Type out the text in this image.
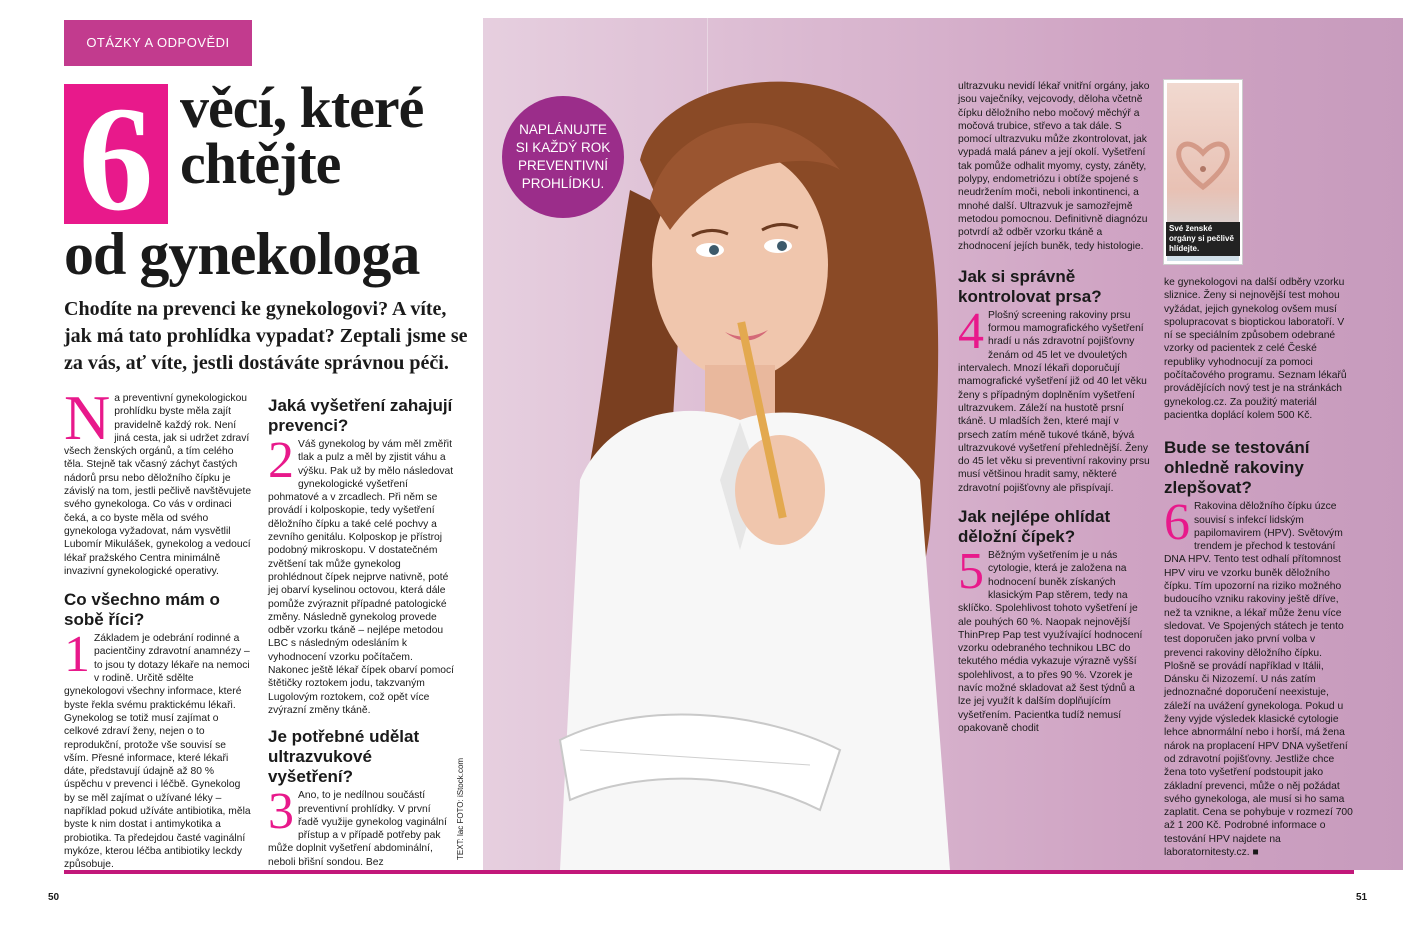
OTÁZKY A ODPOVĚDI
6 věcí, které chtějte
od gynekologa
Chodíte na prevenci ke gynekologovi? A víte, jak má tato prohlídka vypadat? Zeptali jsme se za vás, ať víte, jestli dostáváte správnou péči.

Na preventivní gynekologickou prohlídku byste měla zajít pravidelně každý rok. Není jiná cesta, jak si udržet zdraví všech ženských orgánů, a tím celého těla. Stejně tak včasný záchyt častých nádorů prsu nebo děložního čípku je závislý na tom, jestli pečlivě navštěvujete svého gynekologa. Co vás v ordinaci čeká, a co byste měla od svého gynekologa vyžadovat, nám vysvětlil Lubomír Mikulášek, gynekolog a vedoucí lékař pražského Centra minimálně invazivní gynekologické operativy.

Co všechno mám o sobě říci?

1 Základem je odebrání rodinné a pacientčiny zdravotní anamnézy – to jsou ty dotazy lékaře na nemoci v rodině. Určitě sdělte gynekologovi všechny informace, které byste řekla svému praktickému lékaři. Gynekolog se totiž musí zajímat o celkové zdraví ženy, nejen o to reprodukční, protože vše souvisí se vším. Přesné informace, které lékaři dáte, představují údajně až 80 % úspěchu v prevenci i léčbě. Gynekolog by se měl zajímat o užívané léky – například pokud užíváte antibiotika, měla byste k nim dostat i antimykotika a probiotika. Ta předejdou časté vaginální mykóze, kterou léčba antibiotiky leckdy způsobuje.

Jaká vyšetření zahajují prevenci?

2 Váš gynekolog by vám měl změřit tlak a pulz a měl by zjistit váhu a výšku. Pak už by mělo následovat gynekologické vyšetření pohmatové a v zrcadlech. Při něm se provádí i kolposkopie, tedy vyšetření děložního čípku a také celé pochvy a zevního genitálu. Kolposkop je přístroj podobný mikroskopu. V dostatečném zvětšení tak může gynekolog prohlédnout čípek nejprve nativně, poté jej obarví kyselinou octovou, která dále pomůže zvýraznit případné patologické změny. Následně gynekolog provede odběr vzorku tkáně – nejlépe metodou LBC s následným odesláním k vyhodnocení vzorku počítačem. Nakonec ještě lékař čípek obarví pomocí štětičky roztokem jodu, takzvaným Lugolovým roztokem, což opět více zvýrazní změny tkáně.

Je potřebné udělat ultrazvukové vyšetření?

3 Ano, to je nedílnou součástí preventivní prohlídky. V první řadě využije gynekolog vaginální přístup a v případě potřeby pak může doplnit vyšetření abdominální, neboli břišní sondou. Bez

TEXT: lac FOTO: iStock.com
NAPLÁNUJTE SI KAŽDÝ ROK PREVENTIVNÍ PROHLÍDKU.

ultrazvuku nevidí lékař vnitřní orgány, jako jsou vaječníky, vejcovody, děloha včetně čípku děložního nebo močový měchýř a močová trubice, střevo a tak dále. S pomocí ultrazvuku může zkontrolovat, jak vypadá malá pánev a její okolí. Vyšetření tak pomůže odhalit myomy, cysty, záněty, polypy, endometriózu i obtíže spojené s neudržením moči, neboli inkontinenci, a mnohé další. Ultrazvuk je samozřejmě metodou pomocnou. Definitivně diagnózu potvrdí až odběr vzorku tkáně a zhodnocení jejích buněk, tedy histologie.

Jak si správně kontrolovat prsa?

4 Plošný screening rakoviny prsu formou mamografického vyšetření hradí u nás zdravotní pojišťovny ženám od 45 let ve dvouletých intervalech. Mnozí lékaři doporučují mamografické vyšetření již od 40 let věku ženy s případným doplněním vyšetření ultrazvukem. Záleží na hustotě prsní tkáně. U mladších žen, které mají v prsech zatím méně tukové tkáně, bývá ultrazvukové vyšetření přehlednější. Ženy do 45 let věku si preventivní rakoviny prsu musí většinou hradit samy, některé zdravotní pojišťovny ale přispívají.

Jak nejlépe ohlídat děložní čípek?

5 Běžným vyšetřením je u nás cytologie, která je založena na hodnocení buněk získaných klasickým Pap stěrem, tedy na sklíčko. Spolehlivost tohoto vyšetření je ale pouhých 60 %. Naopak nejnovější ThinPrep Pap test využívající hodnocení vzorku odebraného technikou LBC do tekutého média vykazuje výrazně vyšší spolehlivost, a to přes 90 %. Vzorek je navíc možné skladovat až šest týdnů a lze jej využít k dalším doplňujícím vyšetřením. Pacientka tudíž nemusí opakovaně chodit

Své ženské orgány si pečlivě hlídejte.

ke gynekologovi na další odběry vzorku sliznice. Ženy si nejnovější test mohou vyžádat, jejich gynekolog ovšem musí spolupracovat s bioptickou laboratoří. V ní se speciálním způsobem odebrané vzorky od pacientek z celé České republiky vyhodnocují za pomoci počítačového programu. Seznam lékařů provádějících nový test je na stránkách gynekolog.cz. Za použitý materiál pacientka doplácí kolem 500 Kč.

Bude se testování ohledně rakoviny zlepšovat?

6 Rakovina děložního čípku úzce souvisí s infekcí lidským papilomavirem (HPV). Světovým trendem je přechod k testování DNA HPV. Tento test odhalí přítomnost HPV viru ve vzorku buněk děložního čípku. Tím upozorní na riziko možného budoucího vzniku rakoviny ještě dříve, než ta vznikne, a lékař může ženu více sledovat. Ve Spojených státech je tento test doporučen jako první volba v prevenci rakoviny děložního čípku. Plošně se provádí například v Itálii, Dánsku či Nizozemí. U nás zatím jednoznačné doporučení neexistuje, záleží na uvážení gynekologa. Pokud u ženy vyjde výsledek klasické cytologie lehce abnormální nebo i horší, má žena nárok na proplacení HPV DNA vyšetření od zdravotní pojišťovny. Jestliže chce žena toto vyšetření podstoupit jako základní prevenci, může o něj požádat svého gynekologa, ale musí si ho sama zaplatit. Cena se pohybuje v rozmezí 700 až 1 200 Kč. Podrobné informace o testování HPV najdete na laboratornitesty.cz. ■

50	51
